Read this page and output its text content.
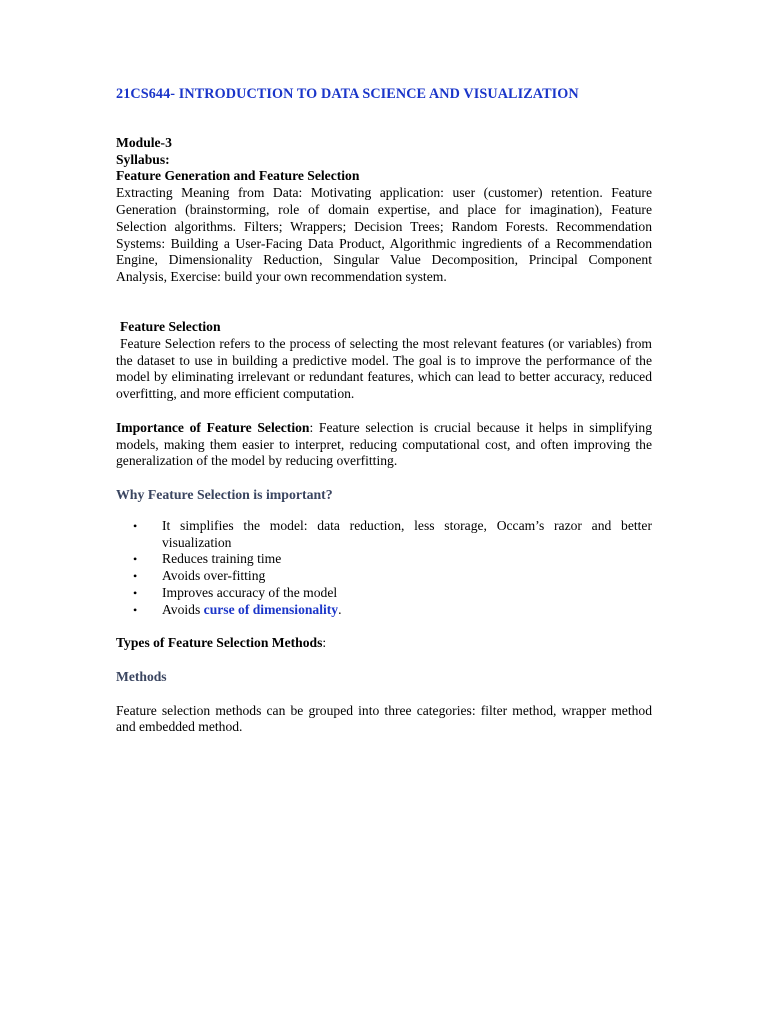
21CS644- INTRODUCTION TO DATA SCIENCE AND VISUALIZATION
Module-3
Syllabus:
Feature Generation and Feature Selection

Extracting Meaning from Data: Motivating application: user (customer) retention. Feature Generation (brainstorming, role of domain expertise, and place for imagination), Feature Selection algorithms. Filters; Wrappers; Decision Trees; Random Forests. Recommendation Systems: Building a User-Facing Data Product, Algorithmic ingredients of a Recommendation Engine, Dimensionality Reduction, Singular Value Decomposition, Principal Component Analysis, Exercise: build your own recommendation system.

Feature Selection

Feature Selection refers to the process of selecting the most relevant features (or variables) from the dataset to use in building a predictive model. The goal is to improve the performance of the model by eliminating irrelevant or redundant features, which can lead to better accuracy, reduced overfitting, and more efficient computation.

Importance of Feature Selection: Feature selection is crucial because it helps in simplifying models, making them easier to interpret, reducing computational cost, and often improving the generalization of the model by reducing overfitting.

Why Feature Selection is important?

• It simplifies the model: data reduction, less storage, Occam’s razor and better visualization
• Reduces training time
• Avoids over-fitting
• Improves accuracy of the model
• Avoids curse of dimensionality.

Types of Feature Selection Methods:

Methods

Feature selection methods can be grouped into three categories: filter method, wrapper method and embedded method.
